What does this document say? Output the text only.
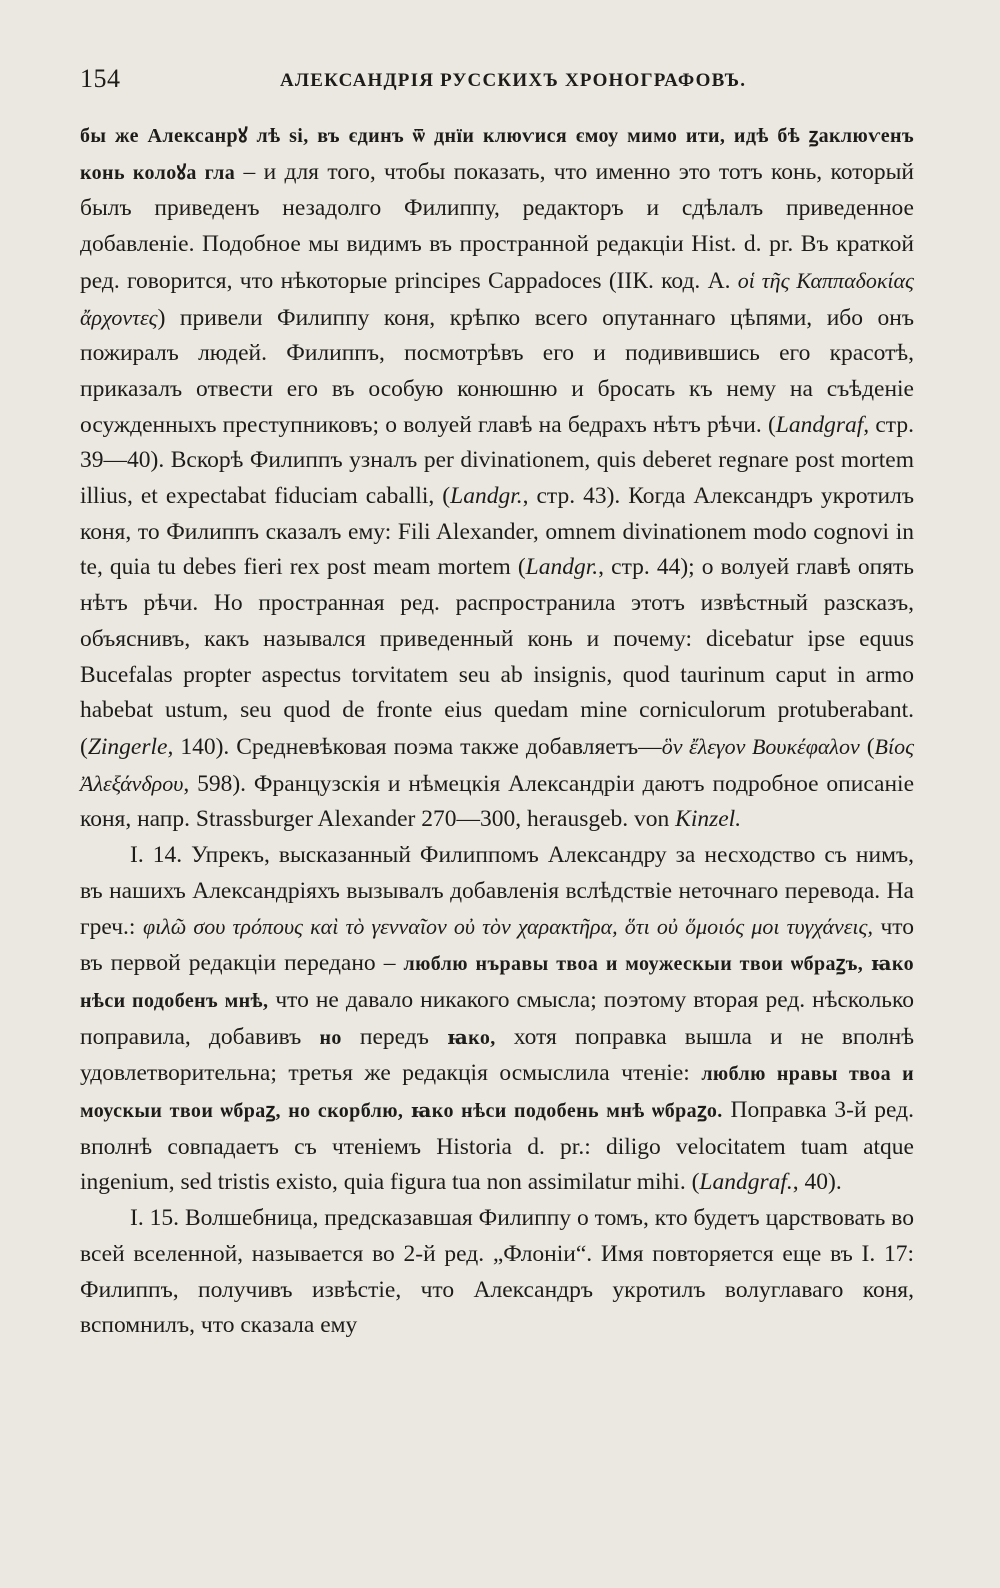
154	АЛЕКСАНДРІЯ РУССКИХЪ ХРОНОГРАФОВЪ.

бы же Алексанрꙋ лѣ ѕі, въ єдинъ ѿ днїи клюѵися ємоу мимо ити, идѣ бѣ ꙁаклюѵенъ конь колоꙋа гла – и для того, чтобы показать, что именно это тотъ конь, который былъ приведенъ незадолго Филиппу, редакторъ и сдѣлалъ приведенное добавленіе. Подобное мы видимъ въ пространной редакціи Hist. d. pr. Въ краткой ред. говорится, что нѣкоторые principes Cappadoces (IIК. код. А. οἱ τῆς Καππαδοκίας ἄρχοντες) привели Филиппу коня, крѣпко всего опутаннаго цѣпями, ибо онъ пожиралъ людей. Филиппъ, посмотрѣвъ его и подивившись его красотѣ, приказалъ отвести его въ особую конюшню и бросать къ нему на съѣденіе осужденныхъ преступниковъ; о волуей главѣ на бедрахъ нѣтъ рѣчи. (Landgraf, стр. 39—40). Вскорѣ Филиппъ узналъ per divinationem, quis deberet regnare post mortem illius, et expectabat fiduciam caballi, (Landgr., стр. 43). Когда Александръ укротилъ коня, то Филиппъ сказалъ ему: Fili Alexander, omnem divinationem modo cognovi in te, quia tu debes fieri rex post meam mortem (Landgr., стр. 44); о волуей главѣ опять нѣтъ рѣчи. Но пространная ред. распространила этотъ извѣстный разсказъ, объяснивъ, какъ назывался приведенный конь и почему: dicebatur ipse equus Bucefalas propter aspectus torvitatem seu ab insignis, quod taurinum caput in armo habebat ustum, seu quod de fronte eius quedam mine corniculorum protuberabant. (Zingerle, 140). Средневѣковая поэма также добавляетъ—ὃν ἔλεγον Βουκέφαλον (Βίος Ἀλεξάνδρου, 598). Французскія и нѣмецкія Александріи даютъ подробное описаніе коня, напр. Strassburger Alexander 270—300, herausgeb. von Kinzel.

I. 14. Упрекъ, высказанный Филиппомъ Александру за несходство съ нимъ, въ нашихъ Александріяхъ вызывалъ добавленія вслѣдствіе неточнаго перевода. На греч.: φιλῶ σου τρόπους καὶ τὸ γενναῖον οὐ τὸν χαρακτῆρα, ὅτι οὐ ὅμοιός μοι τυγχάνεις, что въ первой редакціи передано – люблю нъравы твоа и моужескыи твои ѡбраꙁъ, ꙗко нѣси подобенъ мнѣ, что не давало никакого смысла; поэтому вторая ред. нѣсколько поправила, добавивъ но передъ ꙗко, хотя поправка вышла и не вполнѣ удовлетворительна; третья же редакція осмыслила чтеніе: люблю нравы твоа и моускыи твои ѡбраꙁ, но скорблю, ꙗко нѣси подобень мнѣ ѡбраꙁо. Поправка 3-й ред. вполнѣ совпадаетъ съ чтеніемъ Historia d. pr.: diligo velocitatem tuam atque ingenium, sed tristis existo, quia figura tua non assimilatur mihi. (Landgraf., 40).

I. 15. Волшебница, предсказавшая Филиппу о томъ, кто будетъ царствовать во всей вселенной, называется во 2-й ред. „Флоніи“. Имя повторяется еще въ I. 17: Филиппъ, получивъ извѣстіе, что Александръ укротилъ волуглаваго коня, вспомнилъ, что сказала ему
